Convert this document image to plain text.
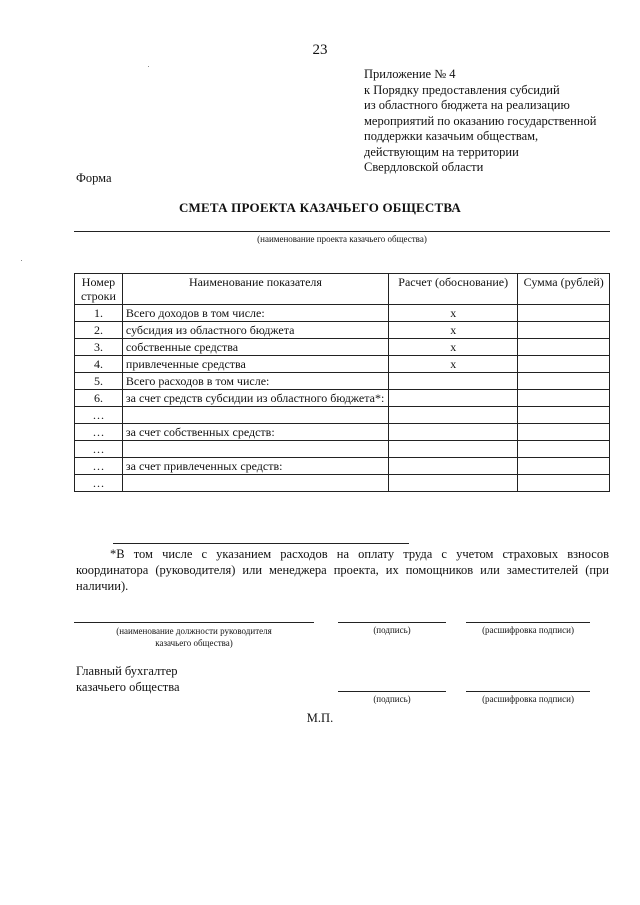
23
Приложение № 4
к Порядку предоставления субсидий
из областного бюджета на реализацию
мероприятий по оказанию государственной
поддержки казачьим обществам,
действующим на территории
Свердловской области
Форма
СМЕТА ПРОЕКТА КАЗАЧЬЕГО ОБЩЕСТВА
(наименование проекта казачьего общества)
Номер строки	Наименование показателя	Расчет (обоснование)	Сумма (рублей)
1.	Всего доходов в том числе:	х	
2.	субсидия из областного бюджета	х	
3.	собственные средства	х	
4.	привлеченные средства	х	
5.	Всего расходов в том числе:		
6.	за счет средств субсидии из областного бюджета*:		
…			
…	за счет собственных средств:		
…			
…	за счет привлеченных средств:		
…			
*В том числе с указанием расходов на оплату труда с учетом страховых взносов координатора (руководителя) или менеджера проекта, их помощников или заместителей (при наличии).
(наименование должности руководителя
казачьего общества)
(подпись)	(расшифровка подписи)
Главный бухгалтер
казачьего общества
(подпись)	(расшифровка подписи)
М.П.
